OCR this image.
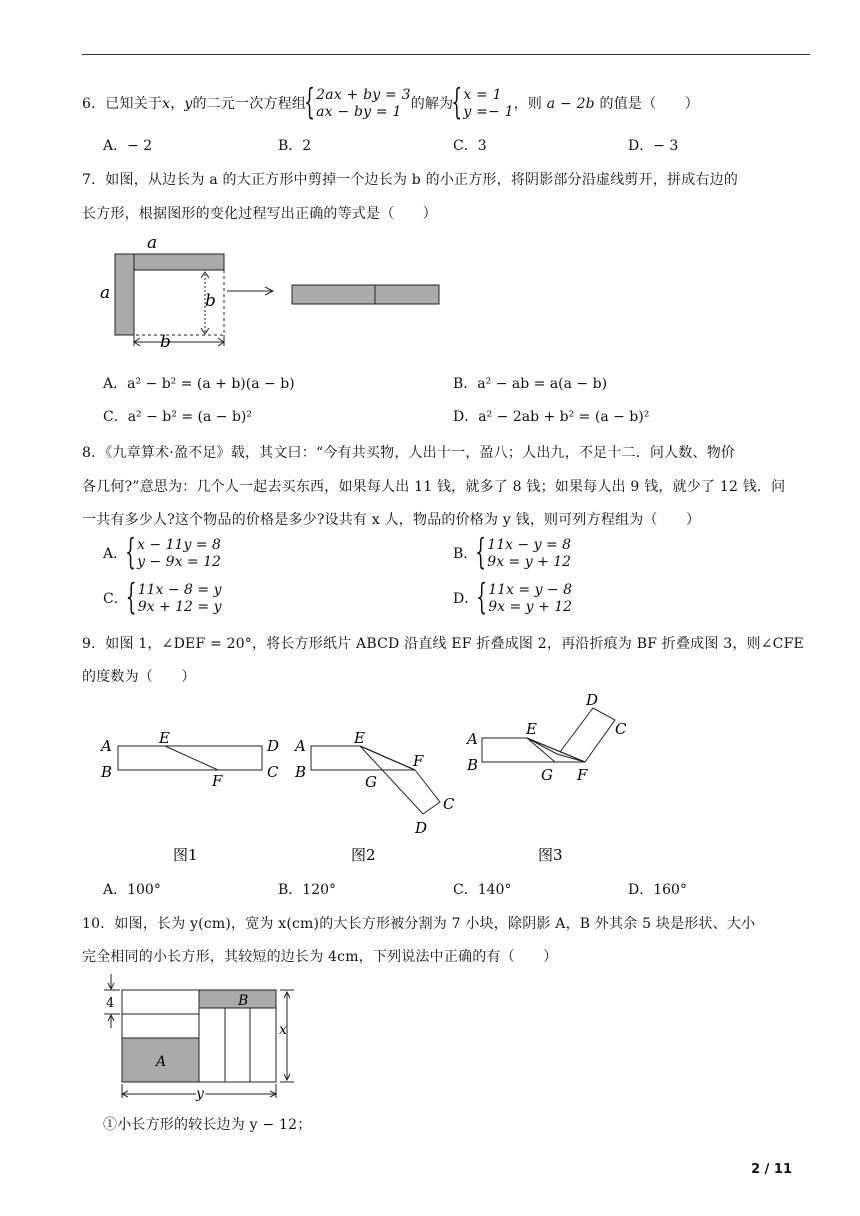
6．已知关于x，y的二元一次方程组
{ 2ax + by = 3
ax − by = 1 的解为
{ x = 1
y =− 1 ，则 a − 2b 的值是（　　）
A．− 2	B．2	C．3	D．− 3
7．如图，从边长为 a 的大正方形中剪掉一个边长为 b 的小正方形，将阴影部分沿虚线剪开，拼成右边的
长方形，根据图形的变化过程写出正确的等式是（　　）
a
a	b
b
A．a² − b² = (a + b)(a − b)	B．a² − ab = a(a − b)
C．a² − b² = (a − b)²	D．a² − 2ab + b² = (a − b)²
8．《九章算术·盈不足》载，其文曰：“今有共买物，人出十一，盈八；人出九，不足十二．问人数、物价
各几何?”意思为：几个人一起去买东西，如果每人出 11 钱，就多了 8 钱；如果每人出 9 钱，就少了 12 钱．问
一共有多少人?这个物品的价格是多少?设共有 x 人，物品的价格为 y 钱，则可列方程组为（　　）
A．
{ x − 11y = 8
y − 9x = 12	B．
{ 11x − y = 8
9x = y + 12
C．
{ 11x − 8 = y
9x + 12 = y	D．
{ 11x = y − 8
9x = y + 12
9．如图 1，∠DEF = 20°，将长方形纸片 ABCD 沿直线 EF 折叠成图 2，再沿折痕为 BF 折叠成图 3，则∠CFE
的度数为（　　）
A
B
D
C
E
F
图1
A
B
E
F
G
C
D
图2
A
B
E
G F
D
C
图3
A．100°	B．120°	C．140°	D．160°
10．如图，长为 y(cm)，宽为 x(cm)的大长方形被分割为 7 小块，除阴影 A，B 外其余 5 块是形状、大小
完全相同的小长方形，其较短的边长为 4cm，下列说法中正确的有（　　）
A
B
4
x
y
①小长方形的较长边为 y − 12；
2 / 11
